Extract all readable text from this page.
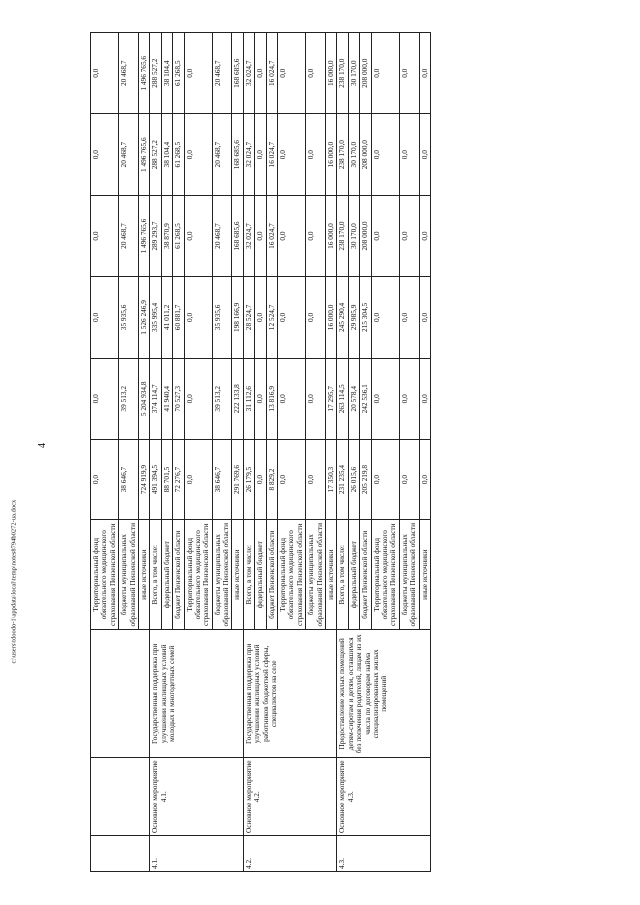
4
c:\users\tdoodo-1\appdata\local\temp\notes8794b0272-ua.docx
				Территориальный фонд обязательного медицинского страхования Пензенской области	0,0	0,0	0,0	0,0	0,0	0,0
			бюджеты муниципальных образований Пензенской области	38 646,7	39 513,2	35 935,6	20 468,7	20 468,7	20 468,7
			иные источники	724 919,9	5 204 934,8	1 526 246,9	1 496 765,6	1 496 765,6	1 496 765,6
4.1.	Основное мероприятие 4.1.	Государственная поддержка при улучшении жилищных условий молодых и многодетных семей	Всего, в том числе:	491 394,5	374 114,7	335 995,4	289 293,7	288 527,2	288 527,2
			федеральный бюджет	88 701,5	41 940,4	41 011,2	38 870,9	38 104,4	38 104,4
			бюджет Пензенской области	72 276,7	70 527,3	60 881,7	61 268,5	61 268,5	61 268,5
			Территориальный фонд обязательного медицинского страхования Пензенской области	0,0	0,0	0,0	0,0	0,0	0,0
			бюджеты муниципальных образований Пензенской области	38 646,7	39 513,2	35 935,6	20 468,7	20 468,7	20 468,7
			иные источники	291 769,6	222 133,8	198 166,9	168 685,6	168 685,6	168 685,6
4.2.	Основное мероприятие 4.2.	Государственная поддержка при улучшении жилищных условий работников бюджетной сферы, специалистов на селе	Всего, в том числе:	26 179,5	31 112,6	28 524,7	32 024,7	32 024,7	32 024,7
			федеральный бюджет	0,0	0,0	0,0	0,0	0,0	0,0
			бюджет Пензенской области	8 829,2	13 816,9	12 524,7	16 024,7	16 024,7	16 024,7
			Территориальный фонд обязательного медицинского страхования Пензенской области	0,0	0,0	0,0	0,0	0,0	0,0
			бюджеты муниципальных образований Пензенской области	0,0	0,0	0,0	0,0	0,0	0,0
			иные источники	17 350,3	17 295,7	16 000,0	16 000,0	16 000,0	16 000,0
4.3.	Основное мероприятие 4.3.	Предоставление жилых помещений детям-сиротам и детям, оставшимся без попечения родителей, лицам из их числа по договорам найма специализированных жилых помещений	Всего, в том числе:	231 235,4	263 114,5	245 290,4	238 170,0	238 170,0	238 170,0
			федеральный бюджет	26 015,6	20 578,4	29 985,9	30 170,0	30 170,0	30 170,0
			бюджет Пензенской области	205 219,8	242 536,1	215 304,5	208 000,0	208 000,0	208 000,0
			Территориальный фонд обязательного медицинского страхования Пензенской области	0,0	0,0	0,0	0,0	0,0	0,0
			бюджеты муниципальных образований Пензенской области	0,0	0,0	0,0	0,0	0,0	0,0
			иные источники	0,0	0,0	0,0	0,0	0,0	0,0
